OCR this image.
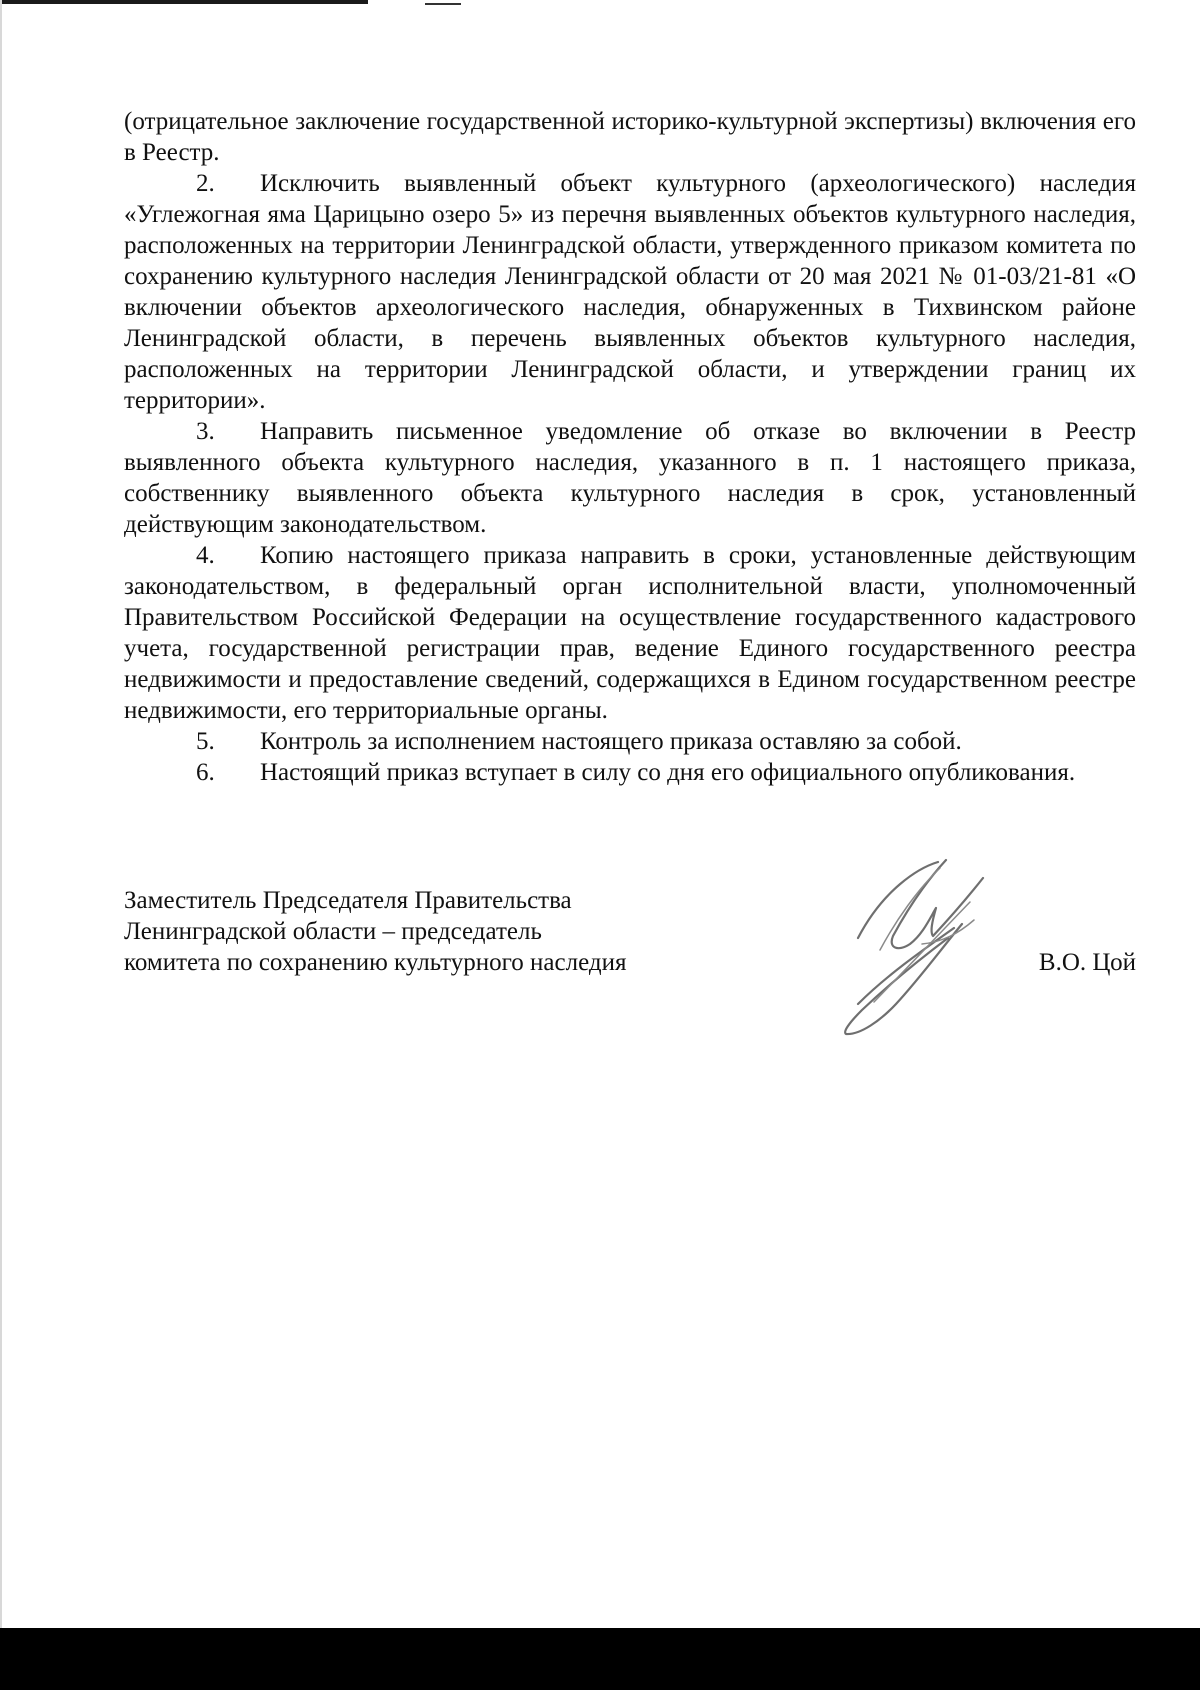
(отрицательное заключение государственной историко-культурной экспертизы) включения его в Реестр.

2. Исключить выявленный объект культурного (археологического) наследия «Углежогная яма Царицыно озеро 5» из перечня выявленных объектов культурного наследия, расположенных на территории Ленинградской области, утвержденного приказом комитета по сохранению культурного наследия Ленинградской области от 20 мая 2021 № 01-03/21-81 «О включении объектов археологического наследия, обнаруженных в Тихвинском районе Ленинградской области, в перечень выявленных объектов культурного наследия, расположенных на территории Ленинградской области, и утверждении границ их территории».

3. Направить письменное уведомление об отказе во включении в Реестр выявленного объекта культурного наследия, указанного в п. 1 настоящего приказа, собственнику выявленного объекта культурного наследия в срок, установленный действующим законодательством.

4. Копию настоящего приказа направить в сроки, установленные действующим законодательством, в федеральный орган исполнительной власти, уполномоченный Правительством Российской Федерации на осуществление государственного кадастрового учета, государственной регистрации прав, ведение Единого государственного реестра недвижимости и предоставление сведений, содержащихся в Едином государственном реестре недвижимости, его территориальные органы.

5. Контроль за исполнением настоящего приказа оставляю за собой.

6. Настоящий приказ вступает в силу со дня его официального опубликования.

Заместитель Председателя Правительства
Ленинградской области – председатель
комитета по сохранению культурного наследия	В.О. Цой
